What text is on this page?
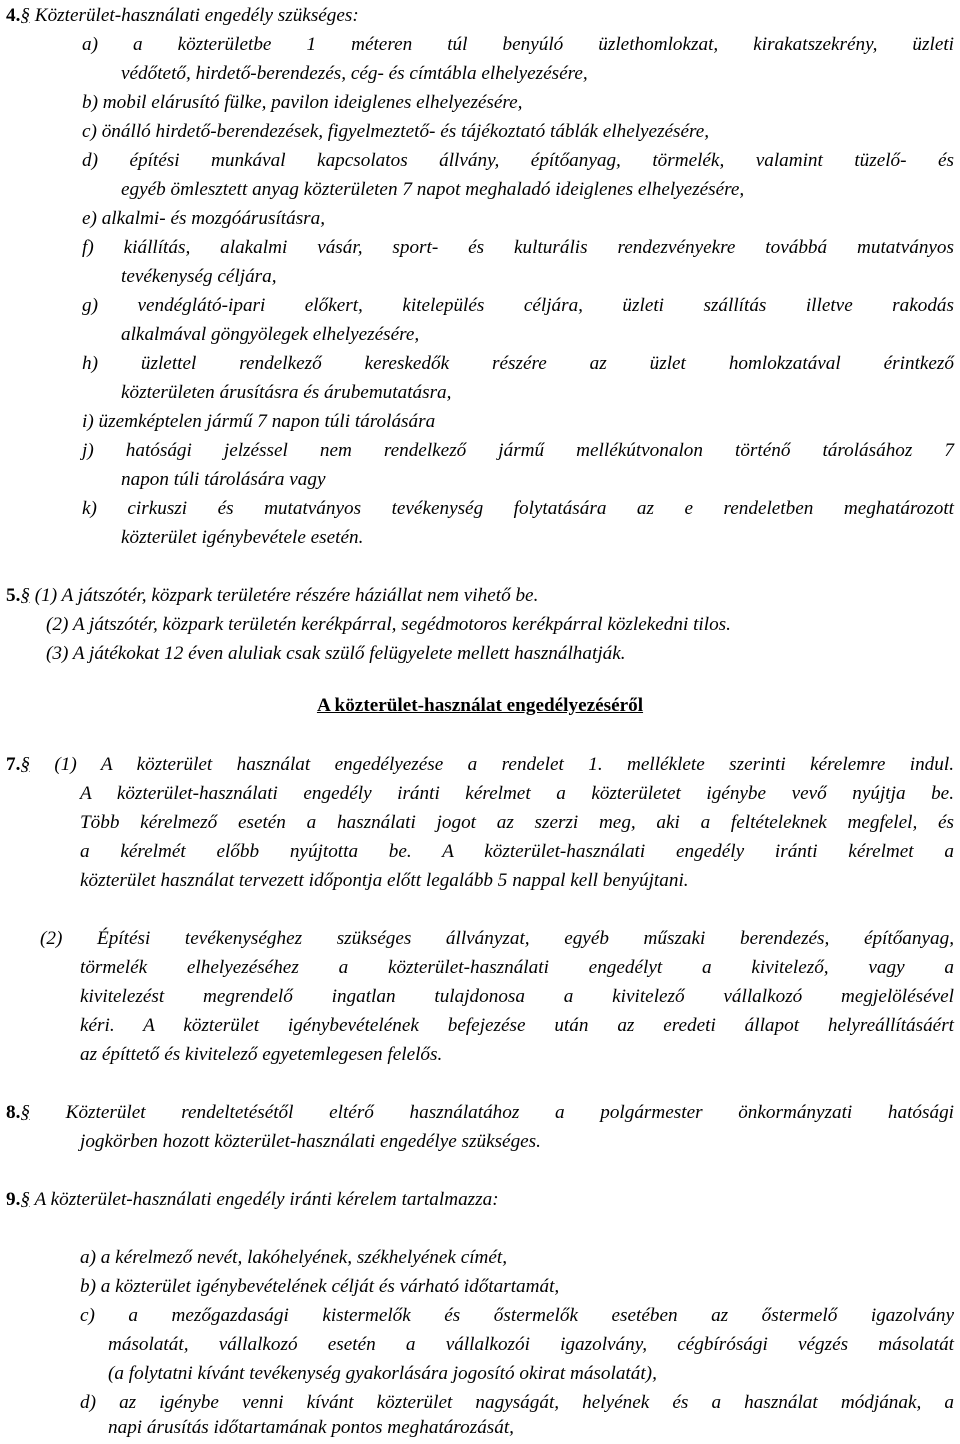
4.§ Közterület-használati engedély szükséges:
a) a közterületbe 1 méteren túl benyúló üzlethomlokzat, kirakatszekrény, üzleti
védőtető, hirdető-berendezés, cég- és címtábla elhelyezésére,
b) mobil elárusító fülke, pavilon ideiglenes elhelyezésére,
c) önálló hirdető-berendezések, figyelmeztető- és tájékoztató táblák elhelyezésére,
d) építési munkával kapcsolatos állvány, építőanyag, törmelék, valamint tüzelő- és
egyéb ömlesztett anyag közterületen 7 napot meghaladó ideiglenes elhelyezésére,
e) alkalmi- és mozgóárusításra,
f) kiállítás, alakalmi vásár, sport- és kulturális rendezvényekre továbbá mutatványos
tevékenység céljára,
g) vendéglátó-ipari előkert, kitelepülés céljára, üzleti szállítás illetve rakodás
alkalmával göngyölegek elhelyezésére,
h) üzlettel rendelkező kereskedők részére az üzlet homlokzatával érintkező
közterületen árusításra és árubemutatásra,
i) üzemképtelen jármű 7 napon túli tárolására
j) hatósági jelzéssel nem rendelkező jármű mellékútvonalon történő tárolásához 7
napon túli tárolására vagy
k) cirkuszi és mutatványos tevékenység folytatására az e rendeletben meghatározott
közterület igénybevétele esetén.
5.§ (1) A játszótér, közpark területére részére háziállat nem vihető be.
(2) A játszótér, közpark területén kerékpárral, segédmotoros kerékpárral közlekedni tilos.
(3) A játékokat 12 éven aluliak csak szülő felügyelete mellett használhatják.
A közterület-használat engedélyezéséről
7.§ (1) A közterület használat engedélyezése a rendelet 1. melléklete szerinti kérelemre indul.
A közterület-használati engedély iránti kérelmet a közterületet igénybe vevő nyújtja be.
Több kérelmező esetén a használati jogot az szerzi meg, aki a feltételeknek megfelel, és
a kérelmét előbb nyújtotta be. A közterület-használati engedély iránti kérelmet a
közterület használat tervezett időpontja előtt legalább 5 nappal kell benyújtani.
(2) Építési tevékenységhez szükséges állványzat, egyéb műszaki berendezés, építőanyag,
törmelék elhelyezéséhez a közterület-használati engedélyt a kivitelező, vagy a
kivitelezést megrendelő ingatlan tulajdonosa a kivitelező vállalkozó megjelölésével
kéri. A közterület igénybevételének befejezése után az eredeti állapot helyreállításáért
az építtető és kivitelező egyetemlegesen felelős.
8.§ Közterület rendeltetésétől eltérő használatához a polgármester önkormányzati hatósági
jogkörben hozott közterület-használati engedélye szükséges.
9.§ A közterület-használati engedély iránti kérelem tartalmazza:
a) a kérelmező nevét, lakóhelyének, székhelyének címét,
b) a közterület igénybevételének célját és várható időtartamát,
c) a mezőgazdasági kistermelők és őstermelők esetében az őstermelő igazolvány
másolatát, vállalkozó esetén a vállalkozói igazolvány, cégbírósági végzés másolatát
(a folytatni kívánt tevékenység gyakorlására jogosító okirat másolatát),
d) az igénybe venni kívánt közterület nagyságát, helyének és a használat módjának, a
napi árusítás időtartamának pontos meghatározását,
